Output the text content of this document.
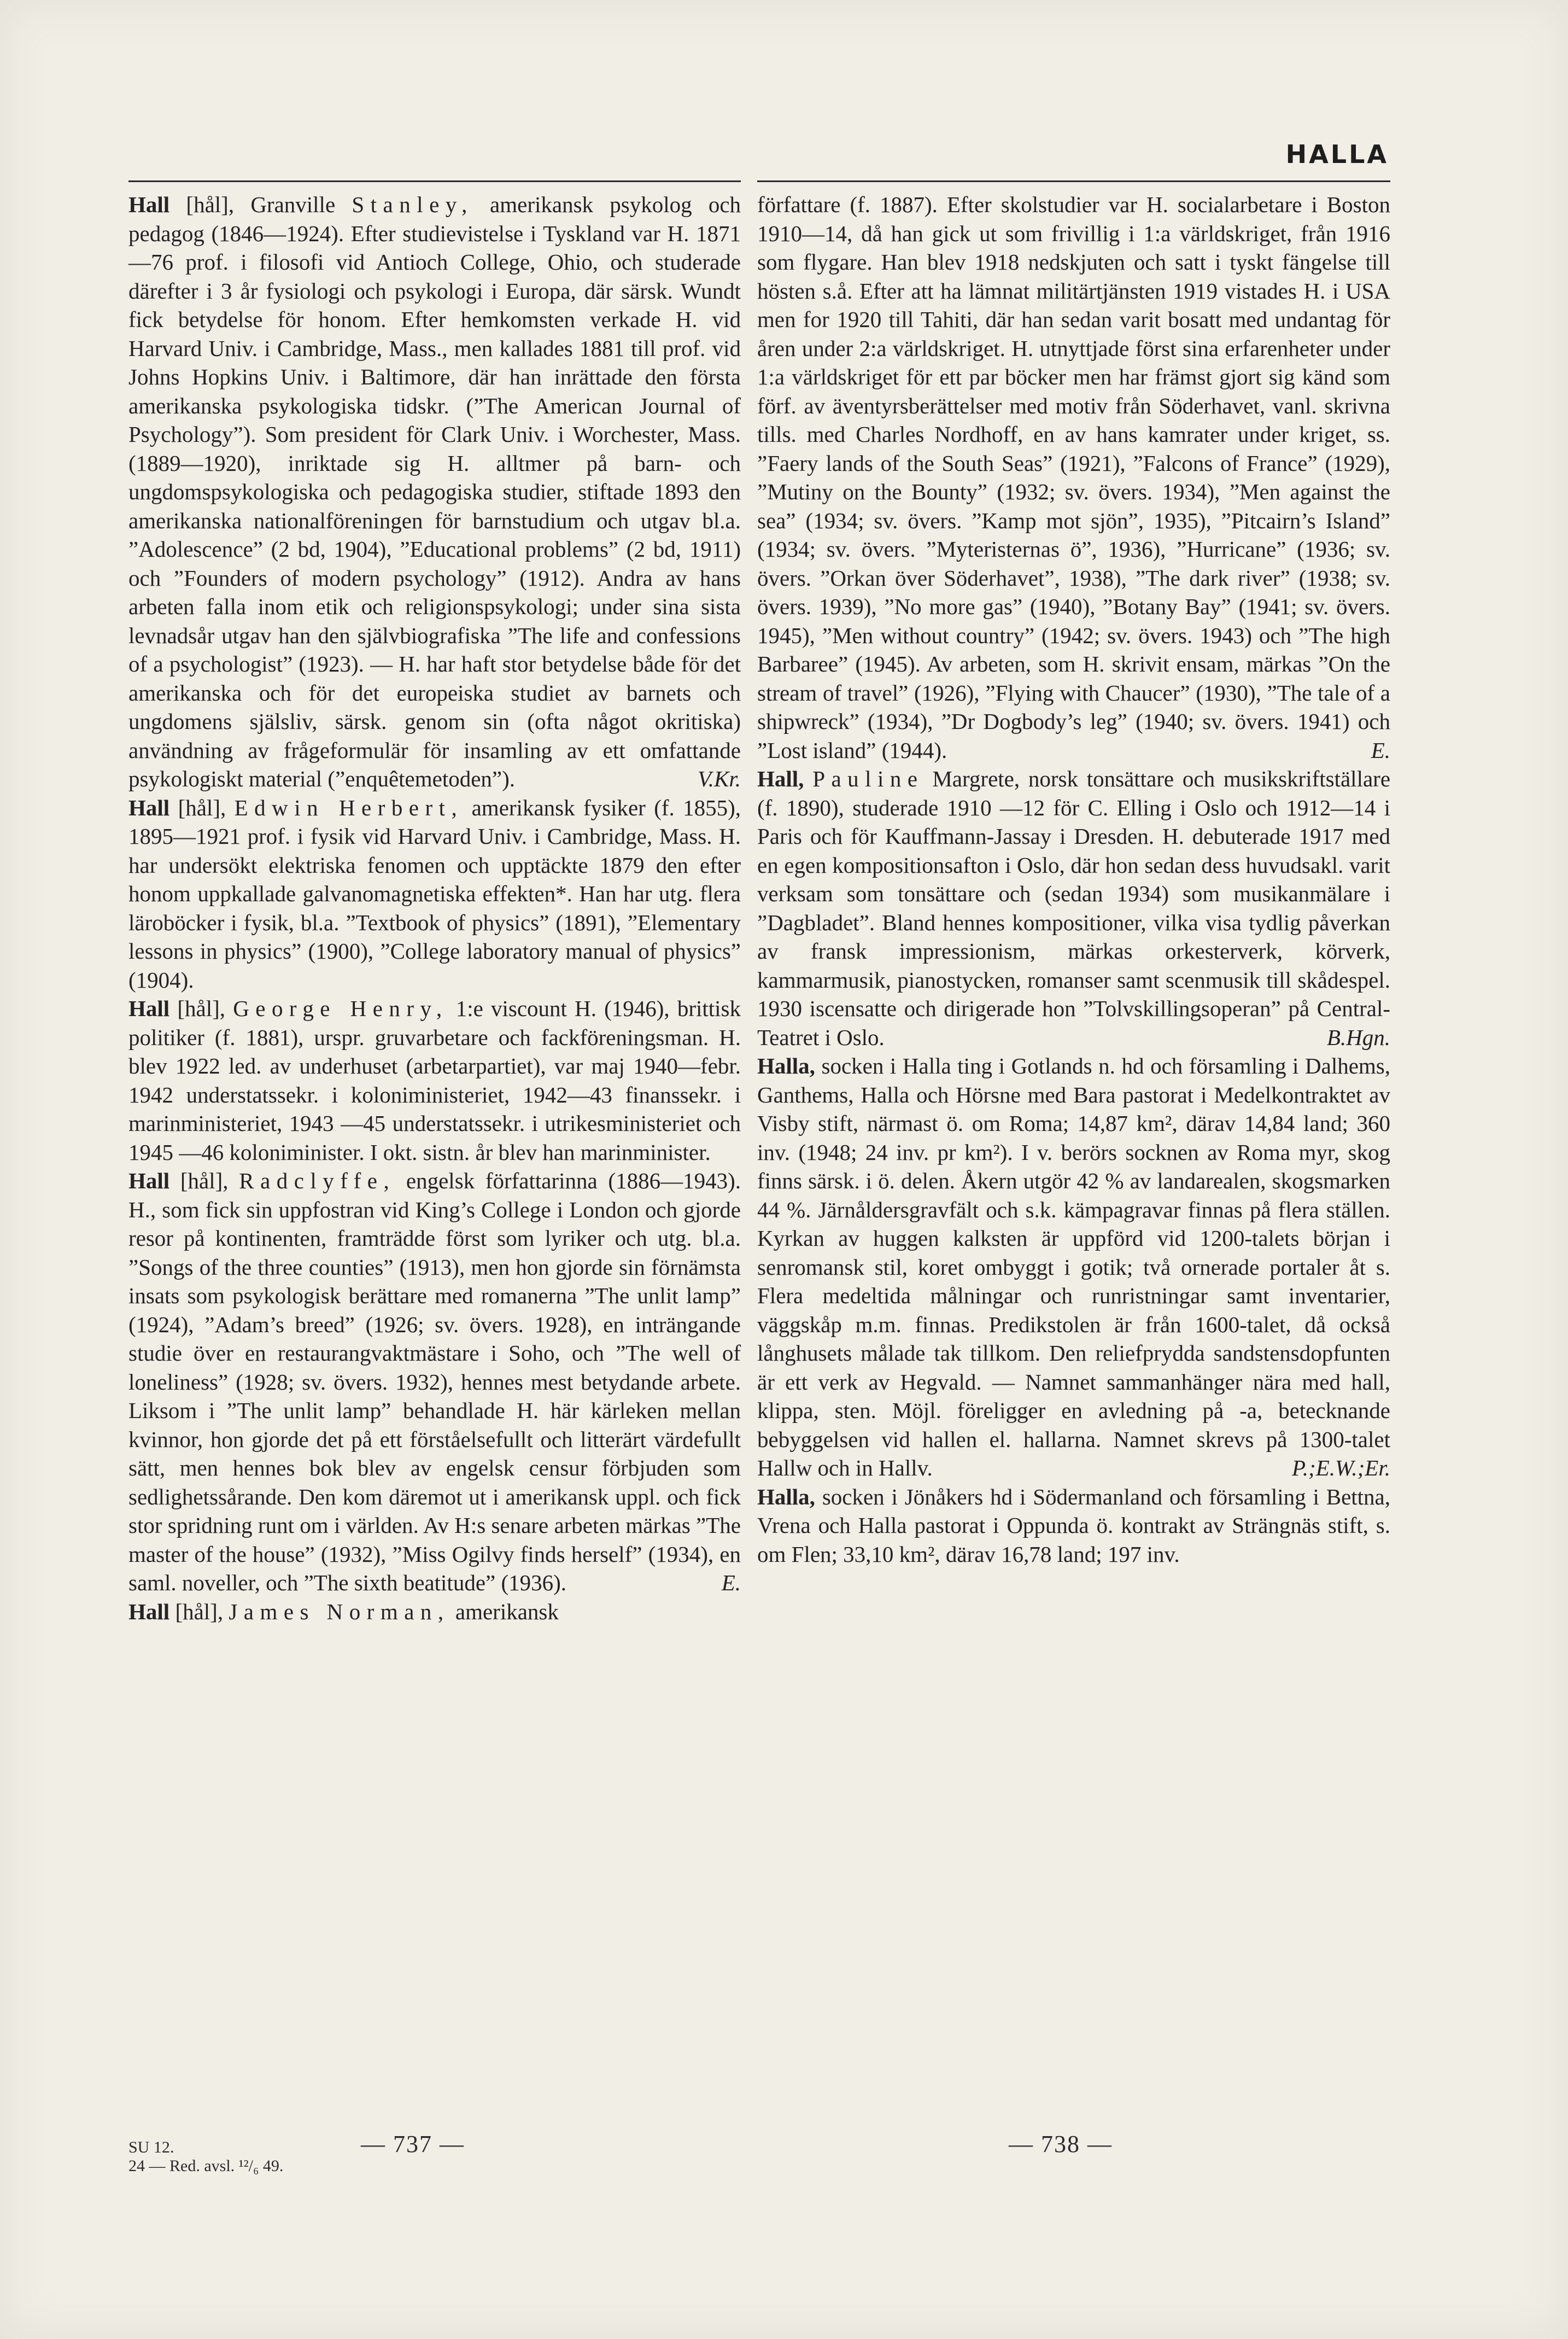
HALLA

Hall [hål], Granville Stanley, amerikansk psykolog och pedagog (1846—1924). Efter studievistelse i Tyskland var H. 1871—76 prof. i filosofi vid Antioch College, Ohio, och studerade därefter i 3 år fysiologi och psykologi i Europa, där särsk. Wundt fick betydelse för honom. Efter hemkomsten verkade H. vid Harvard Univ. i Cambridge, Mass., men kallades 1881 till prof. vid Johns Hopkins Univ. i Baltimore, där han inrättade den första amerikanska psykologiska tidskr. (”The American Journal of Psychology”). Som president för Clark Univ. i Worchester, Mass. (1889—1920), inriktade sig H. alltmer på barn- och ungdomspsykologiska och pedagogiska studier, stiftade 1893 den amerikanska nationalföreningen för barnstudium och utgav bl.a. ”Adolescence” (2 bd, 1904), ”Educational problems” (2 bd, 1911) och ”Founders of modern psychology” (1912). Andra av hans arbeten falla inom etik och religionspsykologi; under sina sista levnadsår utgav han den självbiografiska ”The life and confessions of a psychologist” (1923). — H. har haft stor betydelse både för det amerikanska och för det europeiska studiet av barnets och ungdomens själsliv, särsk. genom sin (ofta något okritiska) användning av frågeformulär för insamling av ett omfattande psykologiskt material (”enquêtemetoden”).	V.Kr.

Hall [hål], Edwin Herbert, amerikansk fysiker (f. 1855), 1895—1921 prof. i fysik vid Harvard Univ. i Cambridge, Mass. H. har undersökt elektriska fenomen och upptäckte 1879 den efter honom uppkallade galvanomagnetiska effekten*. Han har utg. flera läroböcker i fysik, bl.a. ”Textbook of physics” (1891), ”Elementary lessons in physics” (1900), ”College laboratory manual of physics” (1904).

Hall [hål], George Henry, 1:e viscount H. (1946), brittisk politiker (f. 1881), urspr. gruvarbetare och fackföreningsman. H. blev 1922 led. av underhuset (arbetarpartiet), var maj 1940—febr. 1942 understatssekr. i koloniministeriet, 1942—43 finanssekr. i marinministeriet, 1943 —45 understatssekr. i utrikesministeriet och 1945 —46 koloniminister. I okt. sistn. år blev han marinminister.

Hall [hål], Radclyffe, engelsk författarinna (1886—1943). H., som fick sin uppfostran vid King’s College i London och gjorde resor på kontinenten, framträdde först som lyriker och utg. bl.a. ”Songs of the three counties” (1913), men hon gjorde sin förnämsta insats som psykologisk berättare med romanerna ”The unlit lamp” (1924), ”Adam’s breed” (1926; sv. övers. 1928), en inträngande studie över en restaurangvaktmästare i Soho, och ”The well of loneliness” (1928; sv. övers. 1932), hennes mest betydande arbete. Liksom i ”The unlit lamp” behandlade H. här kärleken mellan kvinnor, hon gjorde det på ett förståelsefullt och litterärt värdefullt sätt, men hennes bok blev av engelsk censur förbjuden som sedlighetssårande. Den kom däremot ut i amerikansk uppl. och fick stor spridning runt om i världen. Av H:s senare arbeten märkas ”The master of the house” (1932), ”Miss Ogilvy finds herself” (1934), en saml. noveller, och ”The sixth beatitude” (1936).	E.

Hall [hål], James Norman, amerikansk

författare (f. 1887). Efter skolstudier var H. socialarbetare i Boston 1910—14, då han gick ut som frivillig i 1:a världskriget, från 1916 som flygare. Han blev 1918 nedskjuten och satt i tyskt fängelse till hösten s.å. Efter att ha lämnat militärtjänsten 1919 vistades H. i USA men for 1920 till Tahiti, där han sedan varit bosatt med undantag för åren under 2:a världskriget. H. utnyttjade först sina erfarenheter under 1:a världskriget för ett par böcker men har främst gjort sig känd som förf. av äventyrsberättelser med motiv från Söderhavet, vanl. skrivna tills. med Charles Nordhoff, en av hans kamrater under kriget, ss. ”Faery lands of the South Seas” (1921), ”Falcons of France” (1929), ”Mutiny on the Bounty” (1932; sv. övers. 1934), ”Men against the sea” (1934; sv. övers. ”Kamp mot sjön”, 1935), ”Pitcairn’s Island” (1934; sv. övers. ”Myteristernas ö”, 1936), ”Hurricane” (1936; sv. övers. ”Orkan över Söderhavet”, 1938), ”The dark river” (1938; sv. övers. 1939), ”No more gas” (1940), ”Botany Bay” (1941; sv. övers. 1945), ”Men without country” (1942; sv. övers. 1943) och ”The high Barbaree” (1945). Av arbeten, som H. skrivit ensam, märkas ”On the stream of travel” (1926), ”Flying with Chaucer” (1930), ”The tale of a shipwreck” (1934), ”Dr Dogbody’s leg” (1940; sv. övers. 1941) och ”Lost island” (1944).	E.

Hall, Pauline Margrete, norsk tonsättare och musikskriftställare (f. 1890), studerade 1910 —12 för C. Elling i Oslo och 1912—14 i Paris och för Kauffmann-Jassay i Dresden. H. debuterade 1917 med en egen kompositionsafton i Oslo, där hon sedan dess huvudsakl. varit verksam som tonsättare och (sedan 1934) som musikanmälare i ”Dagbladet”. Bland hennes kompositioner, vilka visa tydlig påverkan av fransk impressionism, märkas orkesterverk, körverk, kammarmusik, pianostycken, romanser samt scenmusik till skådespel. 1930 iscensatte och dirigerade hon ”Tolvskillingsoperan” på Central-Teatret i Oslo.	B.Hgn.

Halla, socken i Halla ting i Gotlands n. hd och församling i Dalhems, Ganthems, Halla och Hörsne med Bara pastorat i Medelkontraktet av Visby stift, närmast ö. om Roma; 14,87 km², därav 14,84 land; 360 inv. (1948; 24 inv. pr km²). I v. berörs socknen av Roma myr, skog finns särsk. i ö. delen. Åkern utgör 42 % av landarealen, skogsmarken 44 %. Järnåldersgravfält och s.k. kämpagravar finnas på flera ställen. Kyrkan av huggen kalksten är uppförd vid 1200-talets början i senromansk stil, koret ombyggt i gotik; två ornerade portaler åt s. Flera medeltida målningar och runristningar samt inventarier, väggskåp m.m. finnas. Predikstolen är från 1600-talet, då också långhusets målade tak tillkom. Den reliefprydda sandstensdopfunten är ett verk av Hegvald. — Namnet sammanhänger nära med hall, klippa, sten. Möjl. föreligger en avledning på -a, betecknande bebyggelsen vid hallen el. hallarna. Namnet skrevs på 1300-talet Hallw och in Hallv.	P.;E.W.;Er.

Halla, socken i Jönåkers hd i Södermanland och församling i Bettna, Vrena och Halla pastorat i Oppunda ö. kontrakt av Strängnäs stift, s. om Flen; 33,10 km², därav 16,78 land; 197 inv.

SU 12.
24 — Red. avsl. ¹²/₆ 49.
— 737 —	— 738 —
